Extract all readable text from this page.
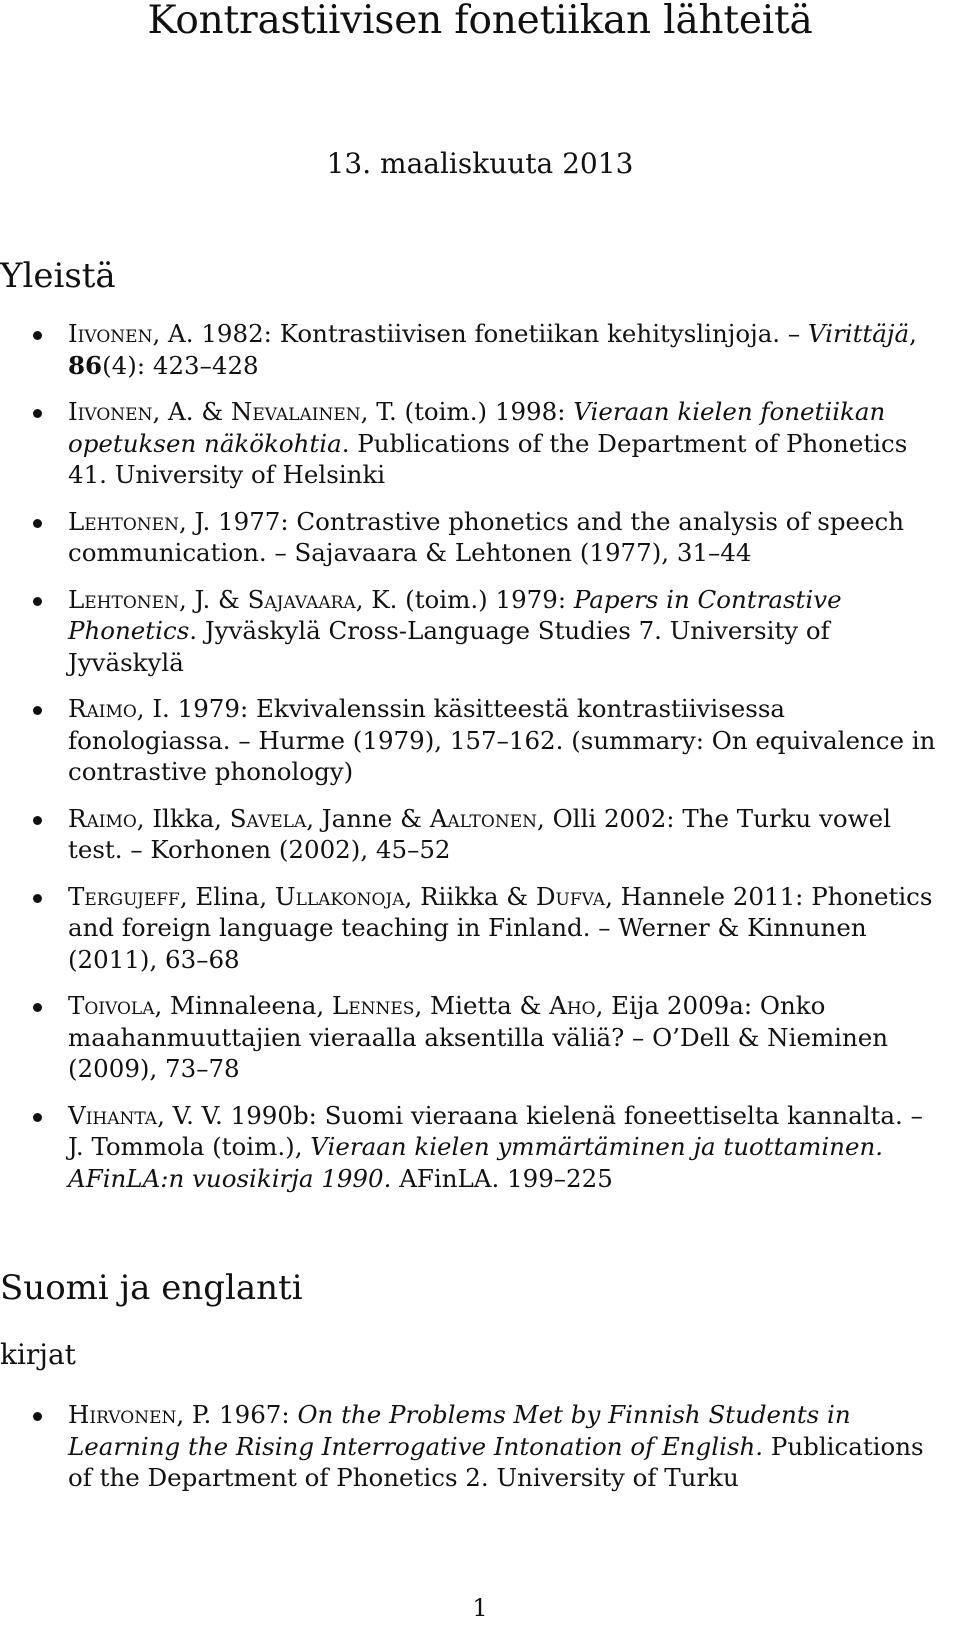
Kontrastiivisen fonetiikan lähteitä
13. maaliskuuta 2013
Yleistä
Iivonen, A. 1982: Kontrastiivisen fonetiikan kehityslinjoja. – Virittäjä, 86(4): 423–428
Iivonen, A. & Nevalainen, T. (toim.) 1998: Vieraan kielen fonetiikan opetuksen näkökohtia. Publications of the Department of Phonetics 41. University of Helsinki
Lehtonen, J. 1977: Contrastive phonetics and the analysis of speech communication. – Sajavaara & Lehtonen (1977), 31–44
Lehtonen, J. & Sajavaara, K. (toim.) 1979: Papers in Contrastive Phonetics. Jyväskylä Cross-Language Studies 7. University of Jyväskylä
Raimo, I. 1979: Ekvivalenssin käsitteestä kontrastiivisessa fonologiassa. – Hurme (1979), 157–162. (summary: On equivalence in contrastive phonology)
Raimo, Ilkka, Savela, Janne & Aaltonen, Olli 2002: The Turku vowel test. – Korhonen (2002), 45–52
Tergujeff, Elina, Ullakonoja, Riikka & Dufva, Hannele 2011: Phonetics and foreign language teaching in Finland. – Werner & Kinnunen (2011), 63–68
Toivola, Minnaleena, Lennes, Mietta & Aho, Eija 2009a: Onko maahanmuuttajien vieraalla aksentilla väliä? – O’Dell & Nieminen (2009), 73–78
Vihanta, V. V. 1990b: Suomi vieraana kielenä foneettiselta kannalta. – J. Tommola (toim.), Vieraan kielen ymmärtäminen ja tuottaminen. AFinLA:n vuosikirja 1990. AFinLA. 199–225
Suomi ja englanti
kirjat
Hirvonen, P. 1967: On the Problems Met by Finnish Students in Learning the Rising Interrogative Intonation of English. Publications of the Department of Phonetics 2. University of Turku
1
